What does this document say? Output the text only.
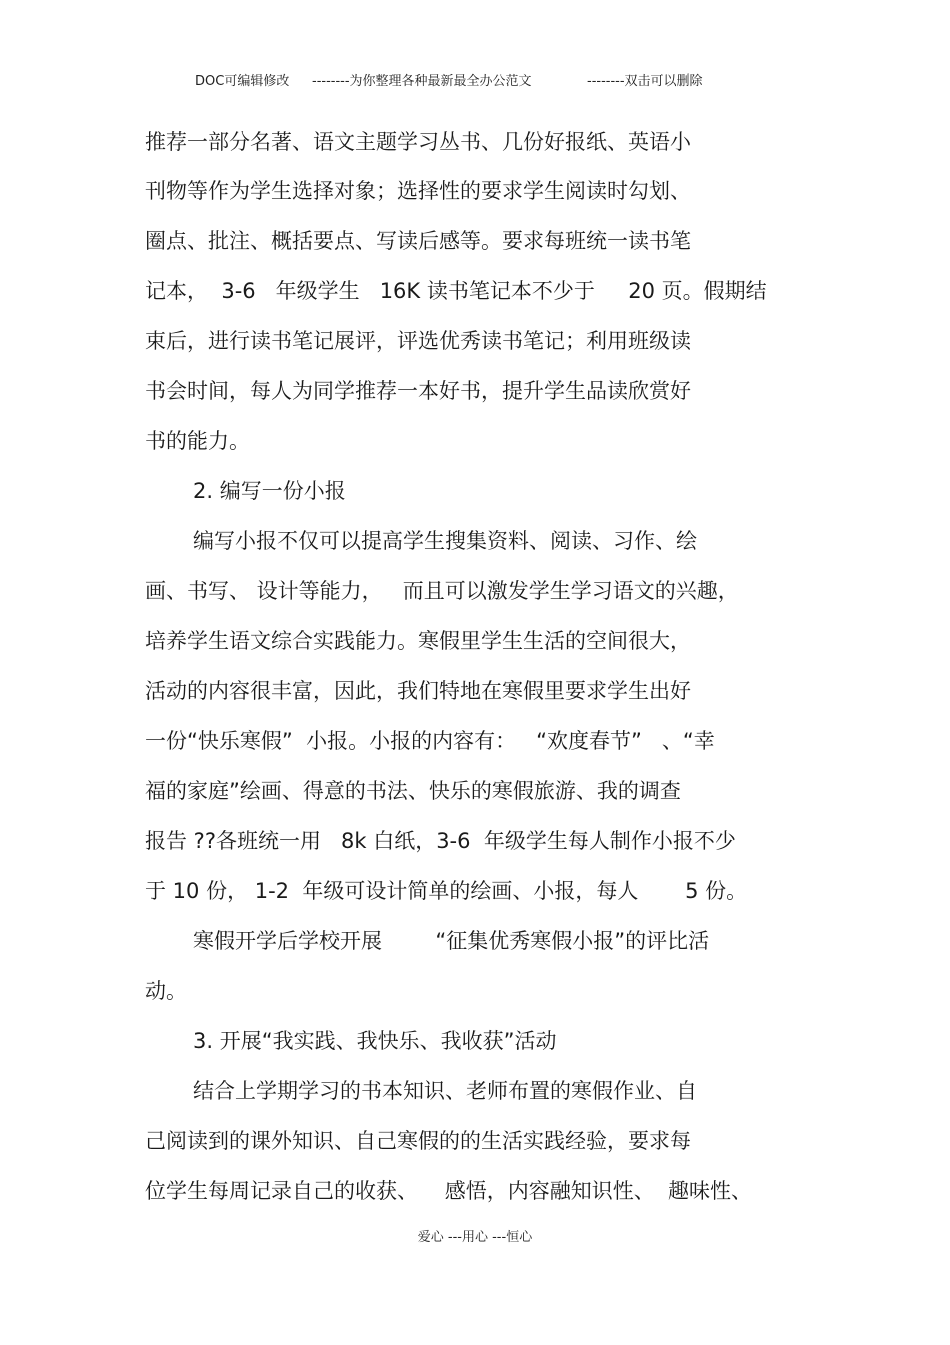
DOC可编辑修改 --------为你整理各种最新最全办公范文	--------双击可以删除
推荐一部分名著、语文主题学习丛书、几份好报纸、英语小
刊物等作为学生选择对象；选择性的要求学生阅读时勾划、
圈点、批注、概括要点、写读后感等。要求每班统一读书笔
记本，  3-6   年级学生   16K 读书笔记本不少于     20 页。假期结
束后，进行读书笔记展评，评选优秀读书笔记；利用班级读
书会时间，每人为同学推荐一本好书，提升学生品读欣赏好
书的能力。
2. 编写一份小报
编写小报不仅可以提高学生搜集资料、阅读、习作、绘
画、书写、 设计等能力，   而且可以激发学生学习语文的兴趣，
培养学生语文综合实践能力。寒假里学生生活的空间很大，
活动的内容很丰富，因此，我们特地在寒假里要求学生出好
一份“快乐寒假”  小报。小报的内容有：   “欢度春节”   、“幸
福的家庭”绘画、得意的书法、快乐的寒假旅游、我的调查
报告 ??各班统一用   8k 白纸，3-6  年级学生每人制作小报不少
于 10 份， 1-2  年级可设计简单的绘画、小报，每人       5 份。
寒假开学后学校开展        “征集优秀寒假小报”的评比活
动。
3. 开展“我实践、我快乐、我收获”活动
结合上学期学习的书本知识、老师布置的寒假作业、自
己阅读到的课外知识、自己寒假的的生活实践经验，要求每
位学生每周记录自己的收获、    感悟，内容融知识性、  趣味性、
爱心 ---用心 ---恒心
